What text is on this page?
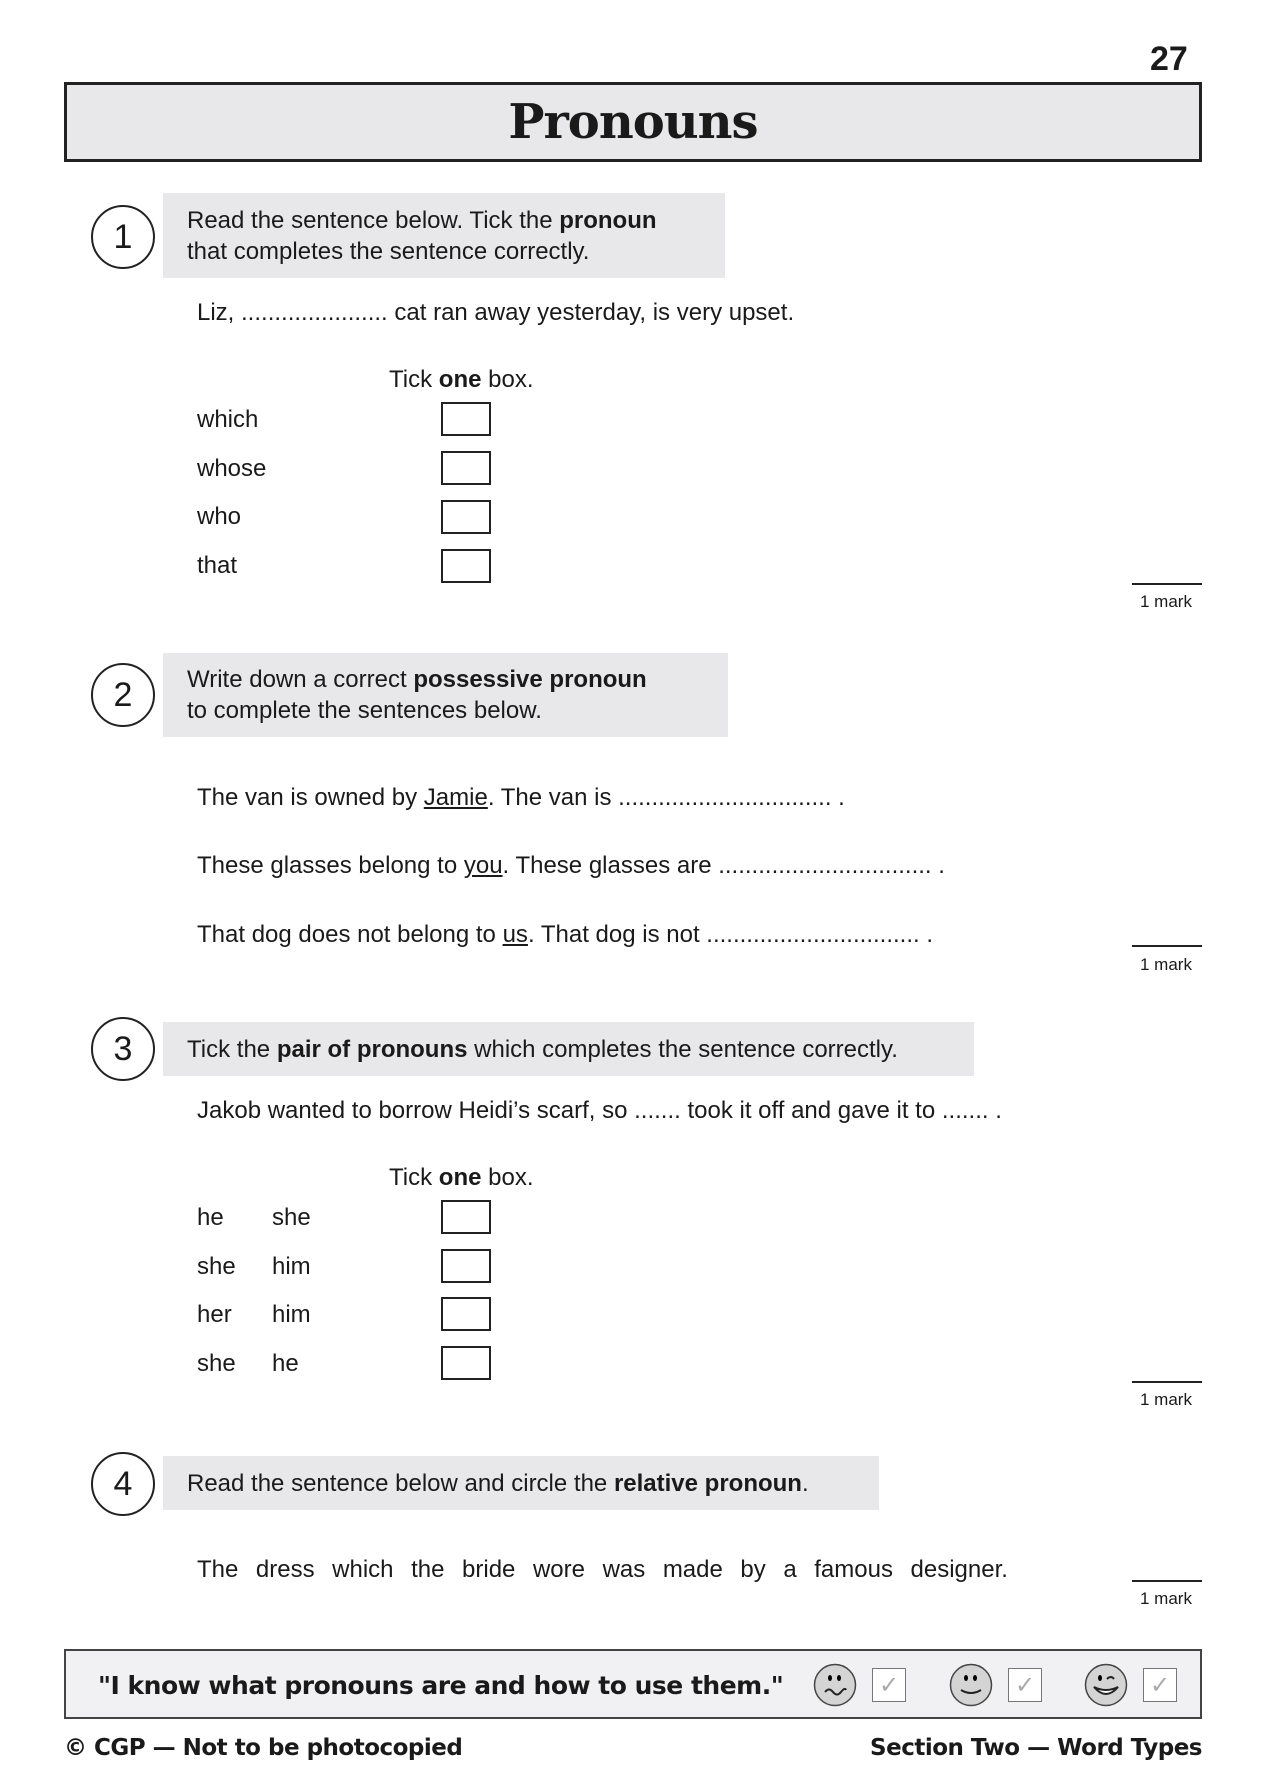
27
Pronouns
1	Read the sentence below. Tick the pronoun
that completes the sentence correctly.
Liz, ...................... cat ran away yesterday, is very upset.
Tick one box.
which
whose
who
that
1 mark
2	Write down a correct possessive pronoun
to complete the sentences below.
The van is owned by Jamie. The van is ................................ .
These glasses belong to you. These glasses are ................................ .
That dog does not belong to us. That dog is not ................................ .
1 mark
3	Tick the pair of pronouns which completes the sentence correctly.
Jakob wanted to borrow Heidi’s scarf, so ....... took it off and gave it to ....... .
Tick one box.
he she
she him
her him
she he
1 mark
4	Read the sentence below and circle the relative pronoun.
The dress which the bride wore was made by a famous designer.
1 mark
"I know what pronouns are and how to use them."	✓	✓	✓
© CGP — Not to be photocopied	Section Two — Word Types
